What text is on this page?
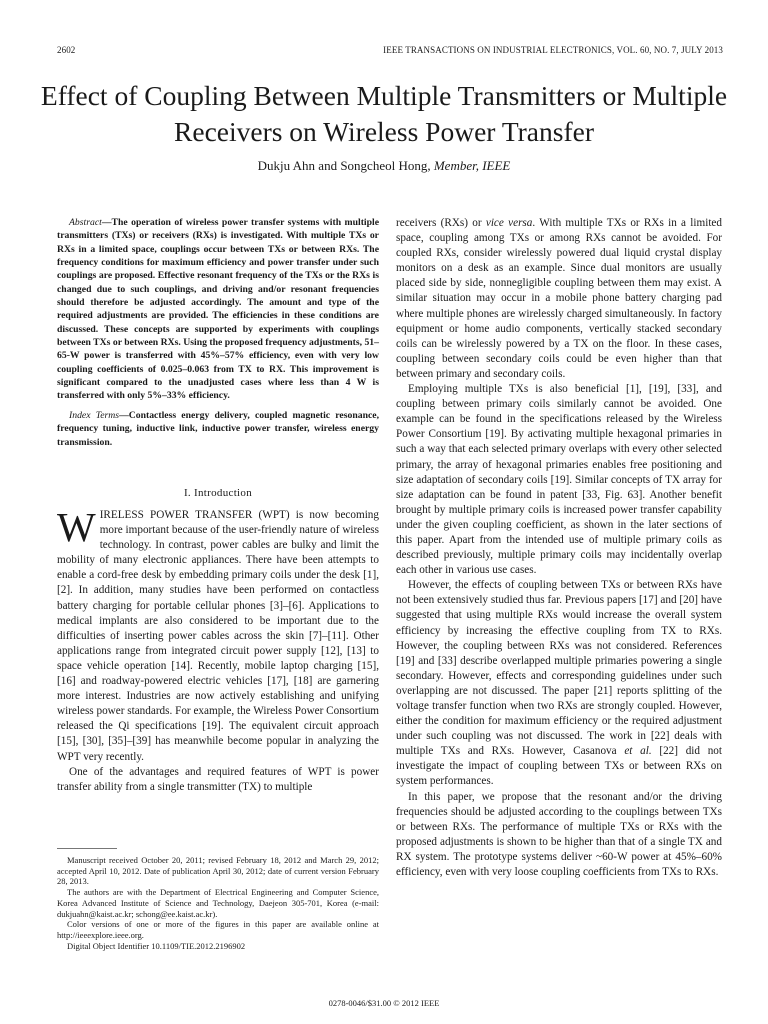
2602	IEEE TRANSACTIONS ON INDUSTRIAL ELECTRONICS, VOL. 60, NO. 7, JULY 2013
Effect of Coupling Between Multiple Transmitters or Multiple Receivers on Wireless Power Transfer
Dukju Ahn and Songcheol Hong, Member, IEEE

Abstract—The operation of wireless power transfer systems with multiple transmitters (TXs) or receivers (RXs) is investigated. With multiple TXs or RXs in a limited space, couplings occur between TXs or between RXs. The frequency conditions for maximum efficiency and power transfer under such couplings are proposed. Effective resonant frequency of the TXs or the RXs is changed due to such couplings, and driving and/or resonant frequencies should therefore be adjusted accordingly. The amount and type of the required adjustments are provided. The efficiencies in these conditions are discussed. These concepts are supported by experiments with couplings between TXs or between RXs. Using the proposed frequency adjustments, 51–65-W power is transferred with 45%–57% efficiency, even with very low coupling coefficients of 0.025–0.063 from TX to RX. This improvement is significant compared to the unadjusted cases where less than 4 W is transferred with only 5%–33% efficiency.

Index Terms—Contactless energy delivery, coupled magnetic resonance, frequency tuning, inductive link, inductive power transfer, wireless energy transmission.

I. Introduction

WIRELESS POWER TRANSFER (WPT) is now becoming more important because of the user-friendly nature of wireless technology. In contrast, power cables are bulky and limit the mobility of many electronic appliances. There have been attempts to enable a cord-free desk by embedding primary coils under the desk [1], [2]. In addition, many studies have been performed on contactless battery charging for portable cellular phones [3]–[6]. Applications to medical implants are also considered to be important due to the difficulties of inserting power cables across the skin [7]–[11]. Other applications range from integrated circuit power supply [12], [13] to space vehicle operation [14]. Recently, mobile laptop charging [15], [16] and roadway-powered electric vehicles [17], [18] are garnering more interest. Industries are now actively establishing and unifying wireless power standards. For example, the Wireless Power Consortium released the Qi specifications [19]. The equivalent circuit approach [15], [30], [35]–[39] has meanwhile become popular in analyzing the WPT very recently.

One of the advantages and required features of WPT is power transfer ability from a single transmitter (TX) to multiple

receivers (RXs) or vice versa. With multiple TXs or RXs in a limited space, coupling among TXs or among RXs cannot be avoided. For coupled RXs, consider wirelessly powered dual liquid crystal display monitors on a desk as an example. Since dual monitors are usually placed side by side, nonnegligible coupling between them may exist. A similar situation may occur in a mobile phone battery charging pad where multiple phones are wirelessly charged simultaneously. In factory equipment or home audio components, vertically stacked secondary coils can be wirelessly powered by a TX on the floor. In these cases, coupling between secondary coils could be even higher than that between primary and secondary coils.

Employing multiple TXs is also beneficial [1], [19], [33], and coupling between primary coils similarly cannot be avoided. One example can be found in the specifications released by the Wireless Power Consortium [19]. By activating multiple hexagonal primaries in such a way that each selected primary overlaps with every other selected primary, the array of hexagonal primaries enables free positioning and size adaptation of secondary coils [19]. Similar concepts of TX array for size adaptation can be found in patent [33, Fig. 63]. Another benefit brought by multiple primary coils is increased power transfer capability under the given coupling coefficient, as shown in the later sections of this paper. Apart from the intended use of multiple primary coils as described previously, multiple primary coils may incidentally overlap each other in various use cases.

However, the effects of coupling between TXs or between RXs have not been extensively studied thus far. Previous papers [17] and [20] have suggested that using multiple RXs would increase the overall system efficiency by increasing the effective coupling from TX to RXs. However, the coupling between RXs was not considered. References [19] and [33] describe overlapped multiple primaries powering a single secondary. However, effects and corresponding guidelines under such overlapping are not discussed. The paper [21] reports splitting of the voltage transfer function when two RXs are strongly coupled. However, either the condition for maximum efficiency or the required adjustment under such coupling was not discussed. The work in [22] deals with multiple TXs and RXs. However, Casanova et al. [22] did not investigate the impact of coupling between TXs or between RXs on system performances.

In this paper, we propose that the resonant and/or the driving frequencies should be adjusted according to the couplings between TXs or between RXs. The performance of multiple TXs or RXs with the proposed adjustments is shown to be higher than that of a single TX and RX system. The prototype systems deliver ~60-W power at 45%–60% efficiency, even with very loose coupling coefficients from TXs to RXs.

Manuscript received October 20, 2011; revised February 18, 2012 and March 29, 2012; accepted April 10, 2012. Date of publication April 30, 2012; date of current version February 28, 2013.

The authors are with the Department of Electrical Engineering and Computer Science, Korea Advanced Institute of Science and Technology, Daejeon 305-701, Korea (e-mail: dukjuahn@kaist.ac.kr; schong@ee.kaist.ac.kr).

Color versions of one or more of the figures in this paper are available online at http://ieeexplore.ieee.org.

Digital Object Identifier 10.1109/TIE.2012.2196902

0278-0046/$31.00 © 2012 IEEE
